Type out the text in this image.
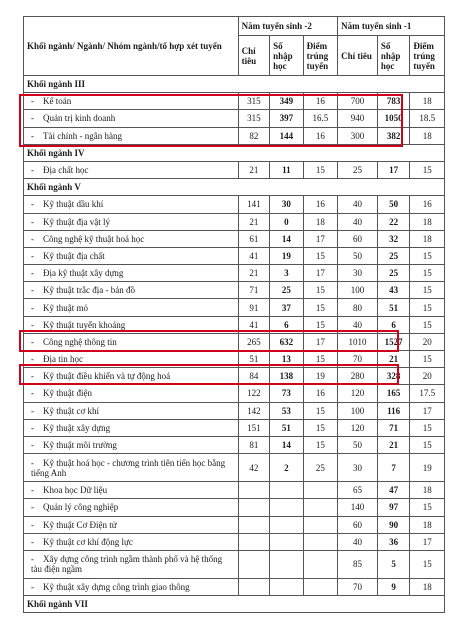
Khối ngành/ Ngành/ Nhóm ngành/tổ hợp xét tuyển	Năm tuyển sinh -2			Năm tuyển sinh -1		
	Chỉ tiêu	Số nhập học	Điểm trúng tuyển	Chỉ tiêu	Số nhập học	Điểm trúng tuyển
Khối ngành III						
- Kế toán	315	349	16	700	783	18
- Quản trị kinh doanh	315	397	16.5	940	1050	18.5
- Tài chính - ngân hàng	82	144	16	300	382	18
Khối ngành IV						
- Địa chất học	21	11	15	25	17	15
Khối ngành V						
- Kỹ thuật dầu khí	141	30	16	40	50	16
- Kỹ thuật địa vật lý	21	0	18	40	22	18
- Công nghệ kỹ thuật hoá học	61	14	17	60	32	18
- Kỹ thuật địa chất	41	19	15	50	25	15
- Địa kỹ thuật xây dựng	21	3	17	30	25	15
- Kỹ thuật trắc địa - bản đồ	71	25	15	100	43	15
- Kỹ thuật mỏ	91	37	15	80	51	15
- Kỹ thuật tuyển khoáng	41	6	15	40	6	15
- Công nghệ thông tin	265	632	17	1010	1527	20
- Địa tin học	51	13	15	70	21	15
- Kỹ thuật điều khiển và tự động hoá	84	138	19	280	328	20
- Kỹ thuật điện	122	73	16	120	165	17.5
- Kỹ thuật cơ khí	142	53	15	100	116	17
- Kỹ thuật xây dựng	151	51	15	120	71	15
- Kỹ thuật môi trường	81	14	15	50	21	15
- Kỹ thuật hoá học - chương trình tiên tiến học bằng tiếng Anh	42	2	25	30	7	19
- Khoa học Dữ liệu				65	47	18
- Quản lý công nghiệp				140	97	15
- Kỹ thuật Cơ Điện tử				60	90	18
- Kỹ thuật cơ khí động lực				40	36	17
- Xây dựng công trình ngầm thành phố và hệ thống tàu điện ngầm				85	5	15
- Kỹ thuật xây dựng công trình giao thông				70	9	18
Khối ngành VII						
